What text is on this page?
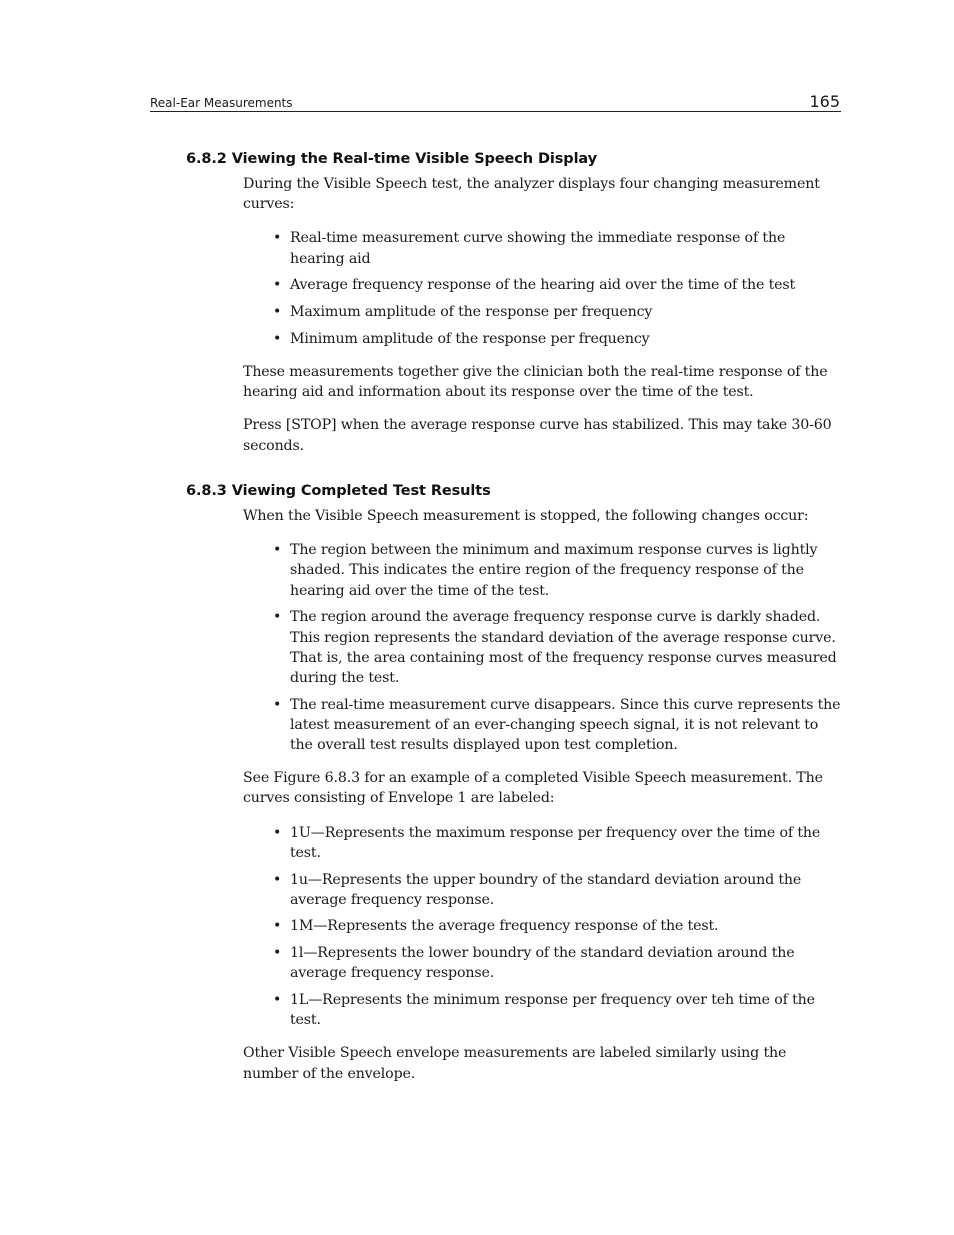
Real-Ear Measurements	165
6.8.2 Viewing the Real-time Visible Speech Display

During the Visible Speech test, the analyzer displays four changing measurement curves:

• Real-time measurement curve showing the immediate response of the hearing aid
• Average frequency response of the hearing aid over the time of the test
• Maximum amplitude of the response per frequency
• Minimum amplitude of the response per frequency

These measurements together give the clinician both the real-time response of the hearing aid and information about its response over the time of the test.

Press [STOP] when the average response curve has stabilized. This may take 30-60 seconds.

6.8.3 Viewing Completed Test Results

When the Visible Speech measurement is stopped, the following changes occur:

• The region between the minimum and maximum response curves is lightly shaded. This indicates the entire region of the frequency response of the hearing aid over the time of the test.
• The region around the average frequency response curve is darkly shaded. This region represents the standard deviation of the average response curve. That is, the area containing most of the frequency response curves measured during the test.
• The real-time measurement curve disappears. Since this curve represents the latest measurement of an ever-changing speech signal, it is not relevant to the overall test results displayed upon test completion.

See Figure 6.8.3 for an example of a completed Visible Speech measurement. The curves consisting of Envelope 1 are labeled:

• 1U—Represents the maximum response per frequency over the time of the test.
• 1u—Represents the upper boundry of the standard deviation around the average frequency response.
• 1M—Represents the average frequency response of the test.
• 1l—Represents the lower boundry of the standard deviation around the average frequency response.
• 1L—Represents the minimum response per frequency over teh time of the test.

Other Visible Speech envelope measurements are labeled similarly using the number of the envelope.
